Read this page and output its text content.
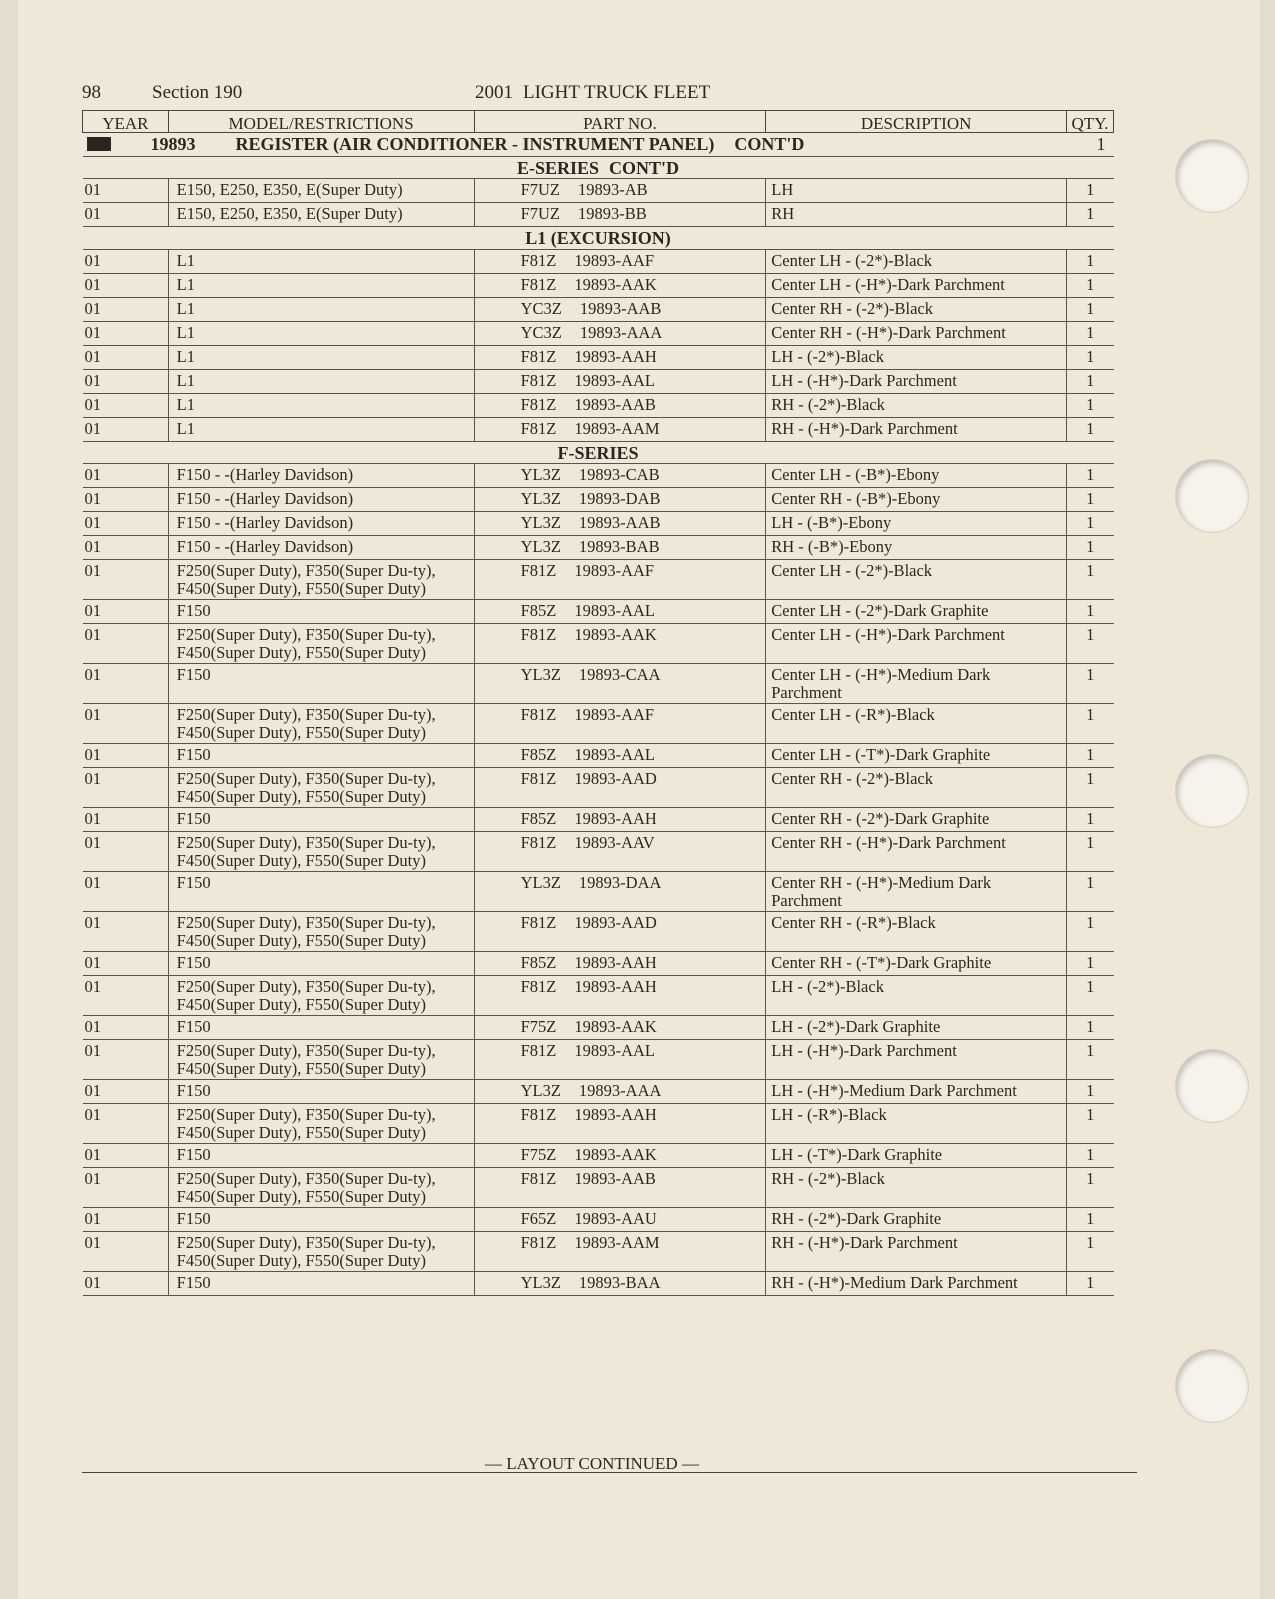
98	Section 190	2001 LIGHT TRUCK FLEET
YEAR	MODEL/RESTRICTIONS	PART NO.	DESCRIPTION	QTY.
19893 REGISTER (AIR CONDITIONER - INSTRUMENT PANEL) CONT'D 1				

E-SERIES CONT'D				
01	E150, E250, E350, E(Super Duty)	F7UZ 19893-AB	LH	1
01	E150, E250, E350, E(Super Duty)	F7UZ 19893-BB	RH	1
L1 (EXCURSION)				
01	L1	F81Z 19893-AAF	Center LH - (-2*)-Black	1
01	L1	F81Z 19893-AAK	Center LH - (-H*)-Dark Parchment	1
01	L1	YC3Z 19893-AAB	Center RH - (-2*)-Black	1
01	L1	YC3Z 19893-AAA	Center RH - (-H*)-Dark Parchment	1
01	L1	F81Z 19893-AAH	LH - (-2*)-Black	1
01	L1	F81Z 19893-AAL	LH - (-H*)-Dark Parchment	1
01	L1	F81Z 19893-AAB	RH - (-2*)-Black	1
01	L1	F81Z 19893-AAM	RH - (-H*)-Dark Parchment	1
F-SERIES				
01	F150 - -(Harley Davidson)	YL3Z 19893-CAB	Center LH - (-B*)-Ebony	1
01	F150 - -(Harley Davidson)	YL3Z 19893-DAB	Center RH - (-B*)-Ebony	1
01	F150 - -(Harley Davidson)	YL3Z 19893-AAB	LH - (-B*)-Ebony	1
01	F150 - -(Harley Davidson)	YL3Z 19893-BAB	RH - (-B*)-Ebony	1
01	F250(Super Duty), F350(Super Du-ty), F450(Super Duty), F550(Super Duty)	F81Z 19893-AAF	Center LH - (-2*)-Black	1
01	F150	F85Z 19893-AAL	Center LH - (-2*)-Dark Graphite	1
01	F250(Super Duty), F350(Super Du-ty), F450(Super Duty), F550(Super Duty)	F81Z 19893-AAK	Center LH - (-H*)-Dark Parchment	1
01	F150	YL3Z 19893-CAA	Center LH - (-H*)-Medium Dark Parchment	1
01	F250(Super Duty), F350(Super Du-ty), F450(Super Duty), F550(Super Duty)	F81Z 19893-AAF	Center LH - (-R*)-Black	1
01	F150	F85Z 19893-AAL	Center LH - (-T*)-Dark Graphite	1
01	F250(Super Duty), F350(Super Du-ty), F450(Super Duty), F550(Super Duty)	F81Z 19893-AAD	Center RH - (-2*)-Black	1
01	F150	F85Z 19893-AAH	Center RH - (-2*)-Dark Graphite	1
01	F250(Super Duty), F350(Super Du-ty), F450(Super Duty), F550(Super Duty)	F81Z 19893-AAV	Center RH - (-H*)-Dark Parchment	1
01	F150	YL3Z 19893-DAA	Center RH - (-H*)-Medium Dark Parchment	1
01	F250(Super Duty), F350(Super Du-ty), F450(Super Duty), F550(Super Duty)	F81Z 19893-AAD	Center RH - (-R*)-Black	1
01	F150	F85Z 19893-AAH	Center RH - (-T*)-Dark Graphite	1
01	F250(Super Duty), F350(Super Du-ty), F450(Super Duty), F550(Super Duty)	F81Z 19893-AAH	LH - (-2*)-Black	1
01	F150	F75Z 19893-AAK	LH - (-2*)-Dark Graphite	1
01	F250(Super Duty), F350(Super Du-ty), F450(Super Duty), F550(Super Duty)	F81Z 19893-AAL	LH - (-H*)-Dark Parchment	1
01	F150	YL3Z 19893-AAA	LH - (-H*)-Medium Dark Parchment	1
01	F250(Super Duty), F350(Super Du-ty), F450(Super Duty), F550(Super Duty)	F81Z 19893-AAH	LH - (-R*)-Black	1
01	F150	F75Z 19893-AAK	LH - (-T*)-Dark Graphite	1
01	F250(Super Duty), F350(Super Du-ty), F450(Super Duty), F550(Super Duty)	F81Z 19893-AAB	RH - (-2*)-Black	1
01	F150	F65Z 19893-AAU	RH - (-2*)-Dark Graphite	1
01	F250(Super Duty), F350(Super Du-ty), F450(Super Duty), F550(Super Duty)	F81Z 19893-AAM	RH - (-H*)-Dark Parchment	1
01	F150	YL3Z 19893-BAA	RH - (-H*)-Medium Dark Parchment	1
— LAYOUT CONTINUED —
